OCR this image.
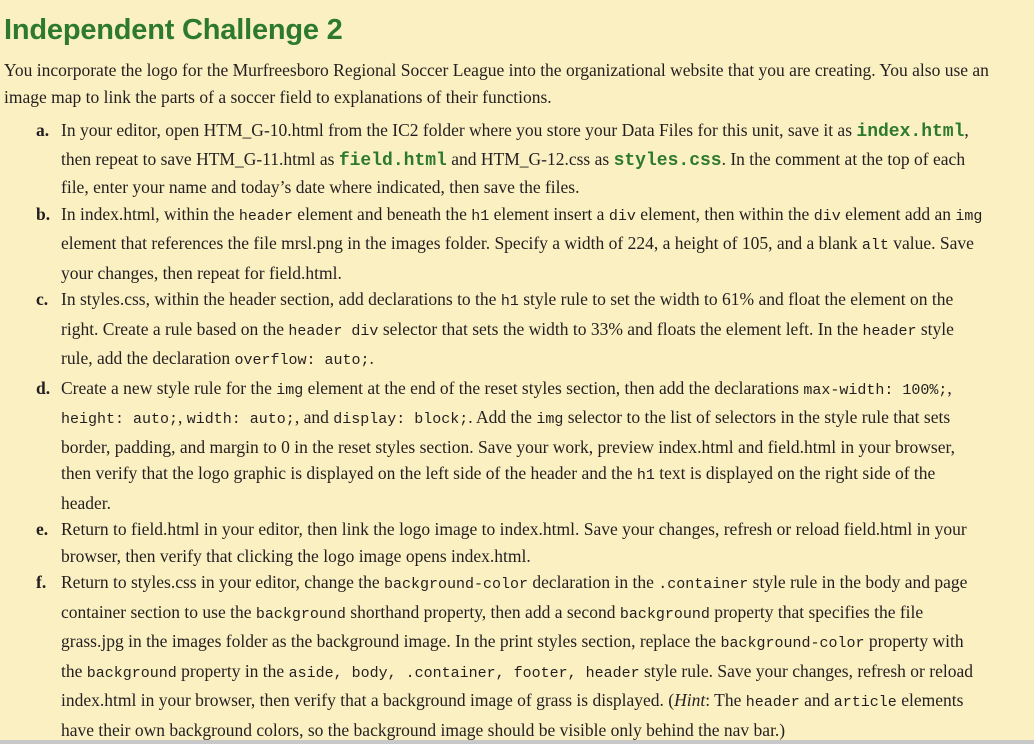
Independent Challenge 2

You incorporate the logo for the Murfreesboro Regional Soccer League into the organizational website that you are creating. You also use an image map to link the parts of a soccer field to explanations of their functions.

a. In your editor, open HTM_G-10.html from the IC2 folder where you store your Data Files for this unit, save it as index.html, then repeat to save HTM_G-11.html as field.html and HTM_G-12.css as styles.css. In the comment at the top of each file, enter your name and today’s date where indicated, then save the files.
b. In index.html, within the header element and beneath the h1 element insert a div element, then within the div element add an img element that references the file mrsl.png in the images folder. Specify a width of 224, a height of 105, and a blank alt value. Save your changes, then repeat for field.html.
c. In styles.css, within the header section, add declarations to the h1 style rule to set the width to 61% and float the element on the right. Create a rule based on the header div selector that sets the width to 33% and floats the element left. In the header style rule, add the declaration overflow: auto;.
d. Create a new style rule for the img element at the end of the reset styles section, then add the declarations max-width: 100%;, height: auto;, width: auto;, and display: block;. Add the img selector to the list of selectors in the style rule that sets border, padding, and margin to 0 in the reset styles section. Save your work, preview index.html and field.html in your browser, then verify that the logo graphic is displayed on the left side of the header and the h1 text is displayed on the right side of the header.
e. Return to field.html in your editor, then link the logo image to index.html. Save your changes, refresh or reload field.html in your browser, then verify that clicking the logo image opens index.html.
f. Return to styles.css in your editor, change the background-color declaration in the .container style rule in the body and page container section to use the background shorthand property, then add a second background property that specifies the file grass.jpg in the images folder as the background image. In the print styles section, replace the background-color property with the background property in the aside, body, .container, footer, header style rule. Save your changes, refresh or reload index.html in your browser, then verify that a background image of grass is displayed. (Hint: The header and article elements have their own background colors, so the background image should be visible only behind the nav bar.)
